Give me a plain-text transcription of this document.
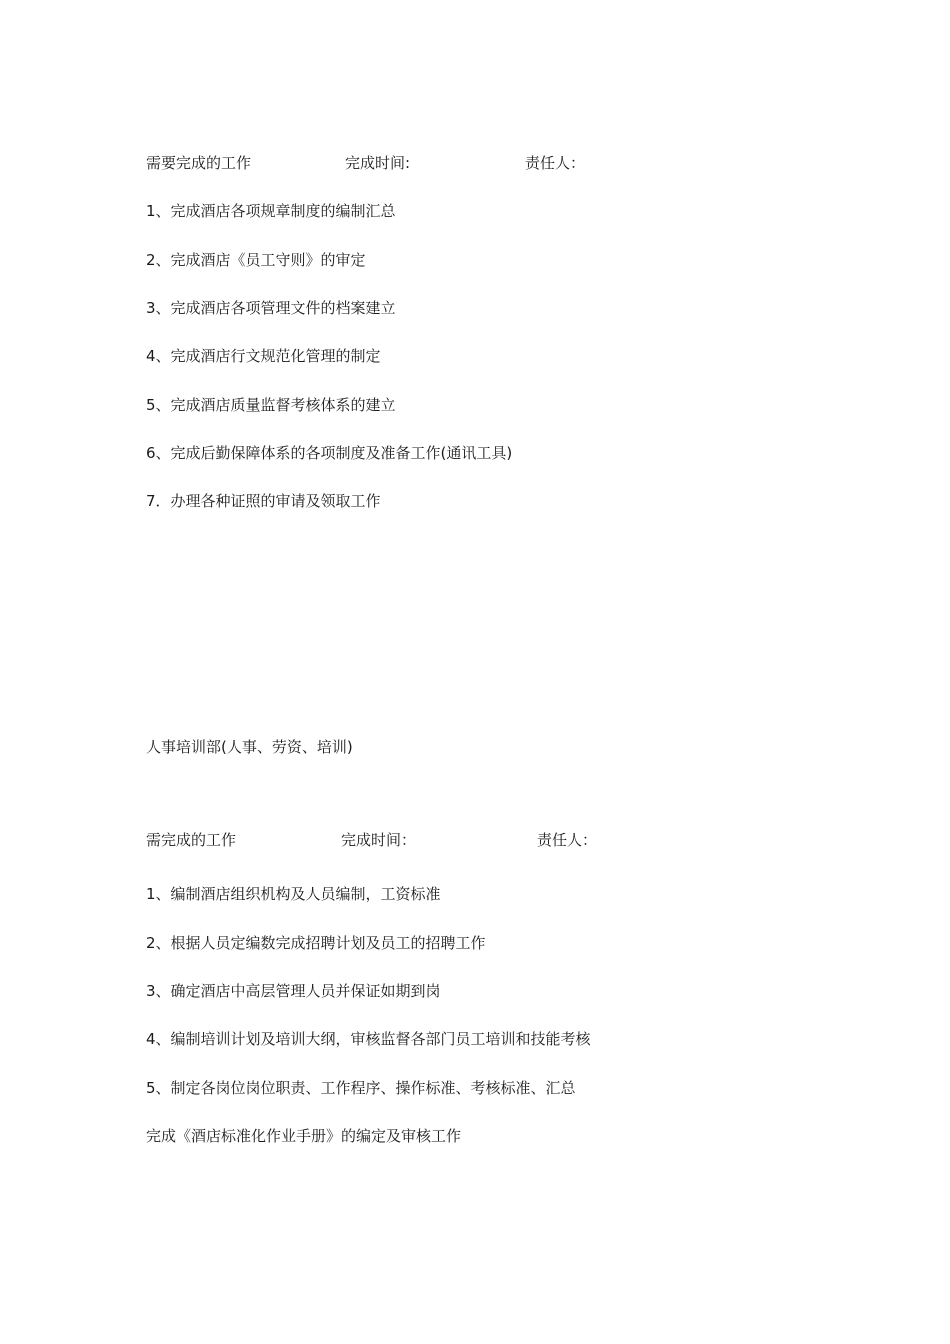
需要完成的工作	完成时间:	责任人：
1、完成酒店各项规章制度的编制汇总
2、完成酒店《员工守则》的审定
3、完成酒店各项管理文件的档案建立
4、完成酒店行文规范化管理的制定
5、完成酒店质量监督考核体系的建立
6、完成后勤保障体系的各项制度及准备工作(通讯工具)
7．办理各种证照的审请及领取工作
人事培训部(人事、劳资、培训)
需完成的工作	完成时间：	责任人：
1、编制酒店组织机构及人员编制，工资标准
2、根据人员定编数完成招聘计划及员工的招聘工作
3、确定酒店中高层管理人员并保证如期到岗
4、编制培训计划及培训大纲，审核监督各部门员工培训和技能考核
5、制定各岗位岗位职责、工作程序、操作标准、考核标准、汇总
完成《酒店标准化作业手册》的编定及审核工作
